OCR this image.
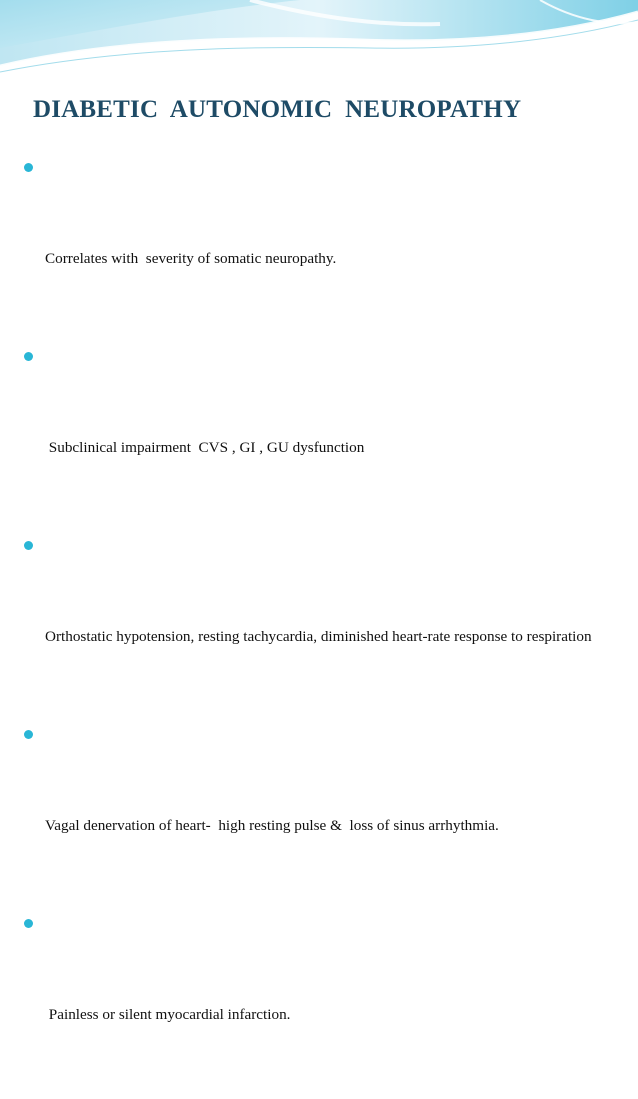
DIABETIC  AUTONOMIC  NEUROPATHY

Correlates with  severity of somatic neuropathy.

Subclinical impairment  CVS , GI , GU dysfunction

Orthostatic hypotension, resting tachycardia, diminished heart-rate response to respiration

Vagal denervation of heart-  high resting pulse &  loss of sinus arrhythmia.

Painless or silent myocardial infarction.
